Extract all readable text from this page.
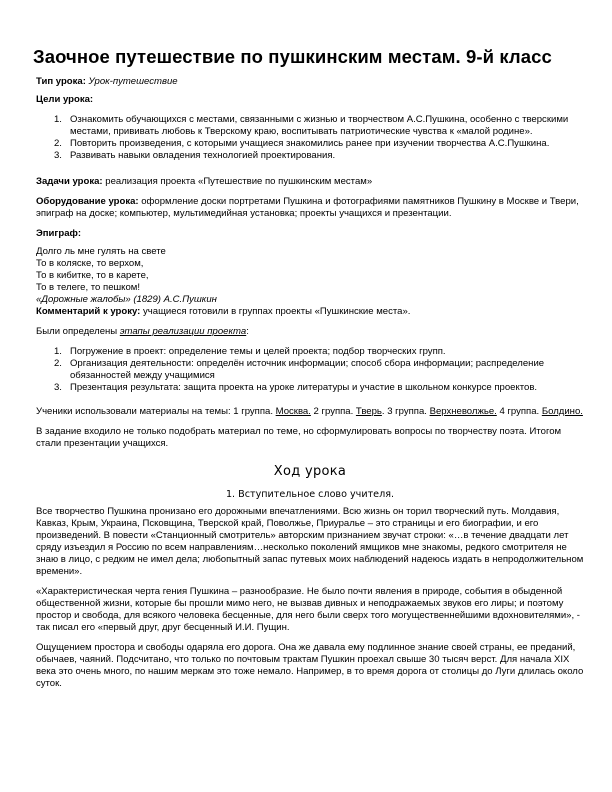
Заочное путешествие по пушкинским местам. 9-й класс

Тип урока: Урок-путешествие

Цели урока:

1. Ознакомить обучающихся с местами, связанными с жизнью и творчеством А.С.Пушкина, особенно с тверскими местами, прививать любовь к Тверскому краю, воспитывать патриотические чувства к «малой родине».
2. Повторить произведения, с которыми учащиеся знакомились ранее при изучении творчества А.С.Пушкина.
3. Развивать навыки овладения технологией проектирования.

Задачи урока: реализация проекта «Путешествие по пушкинским местам»

Оборудование урока: оформление доски портретами Пушкина и фотографиями памятников Пушкину в Москве и Твери, эпиграф на доске; компьютер, мультимедийная установка; проекты учащихся и презентации.

Эпиграф:

Долго ль мне гулять на свете

То в коляске, то верхом,

То в кибитке, то в карете,

То в телеге, то пешком!

«Дорожные жалобы» (1829) А.С.Пушкин

Комментарий к уроку: учащиеся готовили в группах проекты «Пушкинские места».

Были определены этапы реализации проекта:

1. Погружение в проект: определение темы и целей проекта; подбор творческих групп.
2. Организация деятельности: определён источник информации; способ сбора информации; распределение обязанностей между учащимися
3. Презентация результата: защита проекта на уроке литературы и участие в школьном конкурсе проектов.

Ученики использовали материалы на темы: 1 группа. Москва. 2 группа. Тверь. 3 группа. Верхневолжье. 4 группа. Болдино.

В задание входило не только подобрать материал по теме, но сформулировать вопросы по творчеству поэта. Итогом стали презентации учащихся.

Ход урока
1. Вступительное слово учителя.

Все творчество Пушкина пронизано его дорожными впечатлениями. Всю жизнь он торил творческий путь. Молдавия, Кавказ, Крым, Украина, Псковщина, Тверской край, Поволжье, Приуралье – это страницы и его биографии, и его произведений. В повести «Станционный смотритель» авторским признанием звучат строки: «…в течение двадцати лет сряду изъездил я Россию по всем направлениям…несколько поколений ямщиков мне знакомы, редкого смотрителя не знаю в лицо, с редким не имел дела; любопытный запас путевых моих наблюдений надеюсь издать в непродолжительном времени».

«Характеристическая черта гения Пушкина – разнообразие. Не было почти явления в природе, события в обыденной общественной жизни, которые бы прошли мимо него, не вызвав дивных и неподражаемых звуков его лиры; и поэтому простор и свобода, для всякого человека бесценные, для него были сверх того могущественнейшими вдохновителями», - так писал его «первый друг, друг бесценный И.И. Пущин.

Ощущением простора и свободы одаряла его дорога. Она же давала ему подлинное знание своей страны, ее преданий, обычаев, чаяний. Подсчитано, что только по почтовым трактам Пушкин проехал свыше 30 тысяч верст. Для начала XIX века это очень много, по нашим меркам это тоже немало. Например, в то время дорога от столицы до Луги длилась около суток.
